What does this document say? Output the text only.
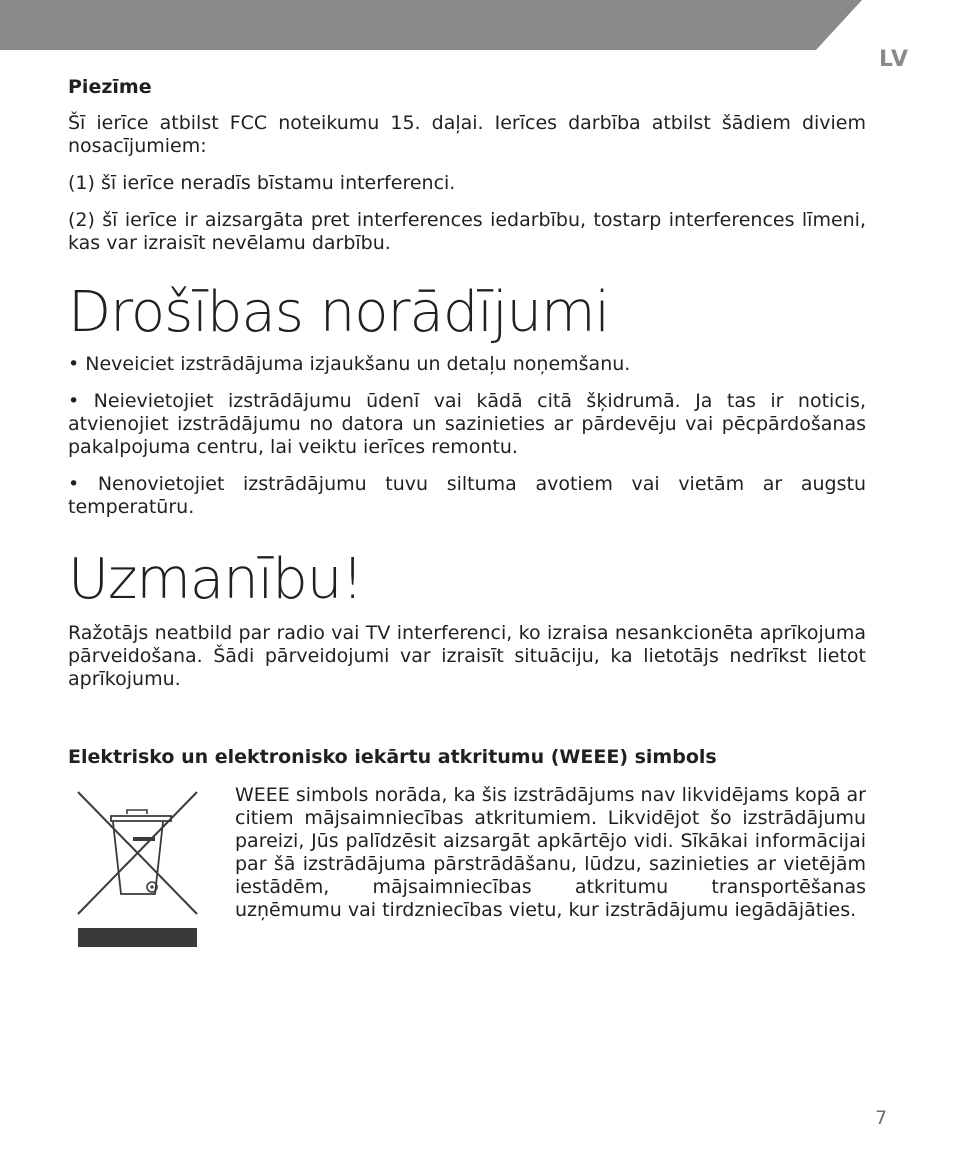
LV

Piezīme

Šī ierīce atbilst FCC noteikumu 15. daļai. Ierīces darbība atbilst šādiem diviem nosacījumiem:

(1) šī ierīce neradīs bīstamu interferenci.

(2) šī ierīce ir aizsargāta pret interferences iedarbību, tostarp interferences līmeni, kas var izraisīt nevēlamu darbību.

Drošības norādījumi

• Neveiciet izstrādājuma izjaukšanu un detaļu noņemšanu.

• Neievietojiet izstrādājumu ūdenī vai kādā citā šķidrumā. Ja tas ir noticis, atvienojiet izstrādājumu no datora un sazinieties ar pārdevēju vai pēcpārdošanas pakalpojuma centru, lai veiktu ierīces remontu.

• Nenovietojiet izstrādājumu tuvu siltuma avotiem vai vietām ar augstu temperatūru.

Uzmanību!

Ražotājs neatbild par radio vai TV interferenci, ko izraisa nesankcionēta aprīkojuma pārveidošana. Šādi pārveidojumi var izraisīt situāciju, ka lietotājs nedrīkst lietot aprīkojumu.

Elektrisko un elektronisko iekārtu atkritumu (WEEE) simbols

WEEE simbols norāda, ka šis izstrādājums nav likvidējams kopā ar citiem mājsaimniecības atkritumiem. Likvidējot šo izstrādājumu pareizi, Jūs palīdzēsit aizsargāt apkārtējo vidi. Sīkākai informācijai par šā izstrādājuma pārstrādāšanu, lūdzu, sazinieties ar vietējām iestādēm, mājsaimniecības atkritumu transportēšanas uzņēmumu vai tirdzniecības vietu, kur izstrādājumu iegādājāties.

7
